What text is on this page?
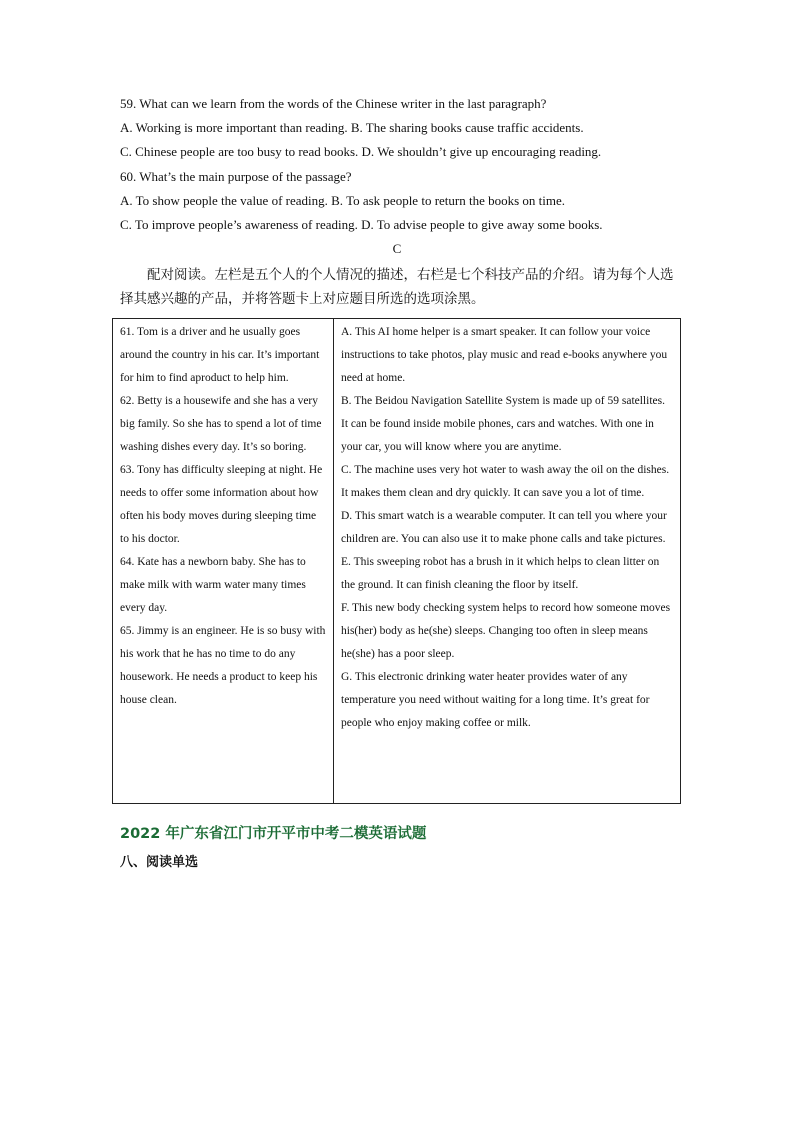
59. What can we learn from the words of the Chinese writer in the last paragraph?
A. Working is more important than reading. B. The sharing books cause traffic accidents.
C. Chinese people are too busy to read books. D. We shouldn’t give up encouraging reading.
60. What’s the main purpose of the passage?
A. To show people the value of reading. B. To ask people to return the books on time.
C. To improve people’s awareness of reading. D. To advise people to give away some books.
C
配对阅读。左栏是五个人的个人情况的描述，右栏是七个科技产品的介绍。请为每个人选择其感兴趣的产品，并将答题卡上对应题目所选的选项涂黑。
61. Tom is a driver and he usually goes around the country in his car. It’s important for him to find aproduct to help him.
62. Betty is a housewife and she has a very big family. So she has to spend a lot of time washing dishes every day. It’s so boring.
63. Tony has difficulty sleeping at night. He needs to offer some information about how often his body moves during sleeping time to his doctor.
64. Kate has a newborn baby. She has to make milk with warm water many times every day.
65. Jimmy is an engineer. He is so busy with his work that he has no time to do any housework. He needs a product to keep his house clean.

A. This AI home helper is a smart speaker. It can follow your voice instructions to take photos, play music and read e-books anywhere you need at home.
B. The Beidou Navigation Satellite System is made up of 59 satellites. It can be found inside mobile phones, cars and watches. With one in your car, you will know where you are anytime.
C. The machine uses very hot water to wash away the oil on the dishes. It makes them clean and dry quickly. It can save you a lot of time.
D. This smart watch is a wearable computer. It can tell you where your children are. You can also use it to make phone calls and take pictures.
E. This sweeping robot has a brush in it which helps to clean litter on the ground. It can finish cleaning the floor by itself.
F. This new body checking system helps to record how someone moves his(her) body as he(she) sleeps. Changing too often in sleep means he(she) has a poor sleep.
G. This electronic drinking water heater provides water of any temperature you need without waiting for a long time. It’s great for people who enjoy making coffee or milk.
2022 年广东省江门市开平市中考二模英语试题
八、阅读单选
